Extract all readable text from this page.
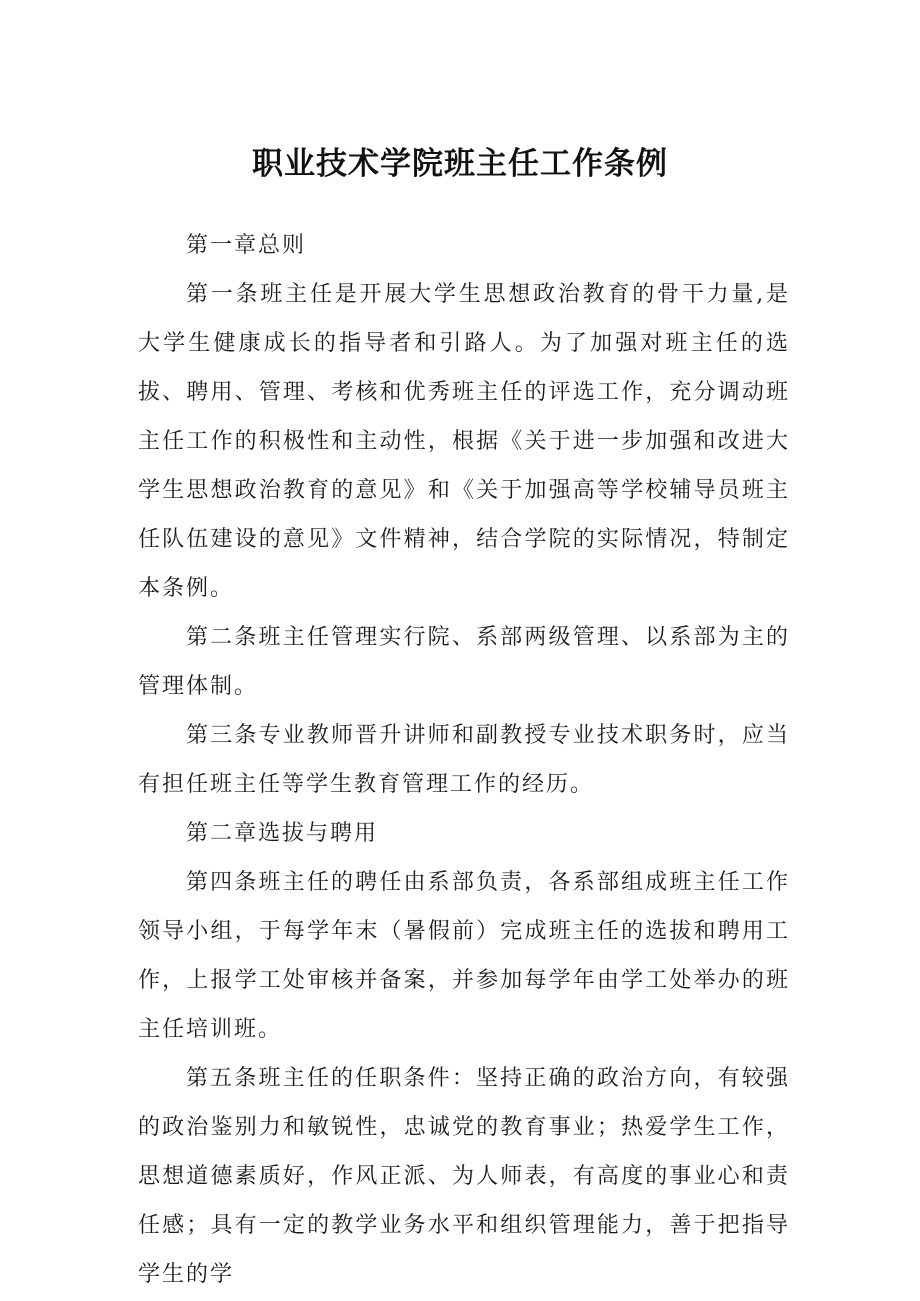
职业技术学院班主任工作条例

第一章总则

第一条班主任是开展大学生思想政治教育的骨干力量,是大学生健康成长的指导者和引路人。为了加强对班主任的选拔、聘用、管理、考核和优秀班主任的评选工作，充分调动班主任工作的积极性和主动性，根据《关于进一步加强和改进大学生思想政治教育的意见》和《关于加强高等学校辅导员班主任队伍建设的意见》文件精神，结合学院的实际情况，特制定本条例。

第二条班主任管理实行院、系部两级管理、以系部为主的管理体制。

第三条专业教师晋升讲师和副教授专业技术职务时，应当有担任班主任等学生教育管理工作的经历。

第二章选拔与聘用

第四条班主任的聘任由系部负责，各系部组成班主任工作领导小组，于每学年末（暑假前）完成班主任的选拔和聘用工作，上报学工处审核并备案，并参加每学年由学工处举办的班主任培训班。

第五条班主任的任职条件：坚持正确的政治方向，有较强的政治鉴别力和敏锐性，忠诚党的教育事业；热爱学生工作，思想道德素质好，作风正派、为人师表，有高度的事业心和责任感；具有一定的教学业务水平和组织管理能力，善于把指导学生的学
